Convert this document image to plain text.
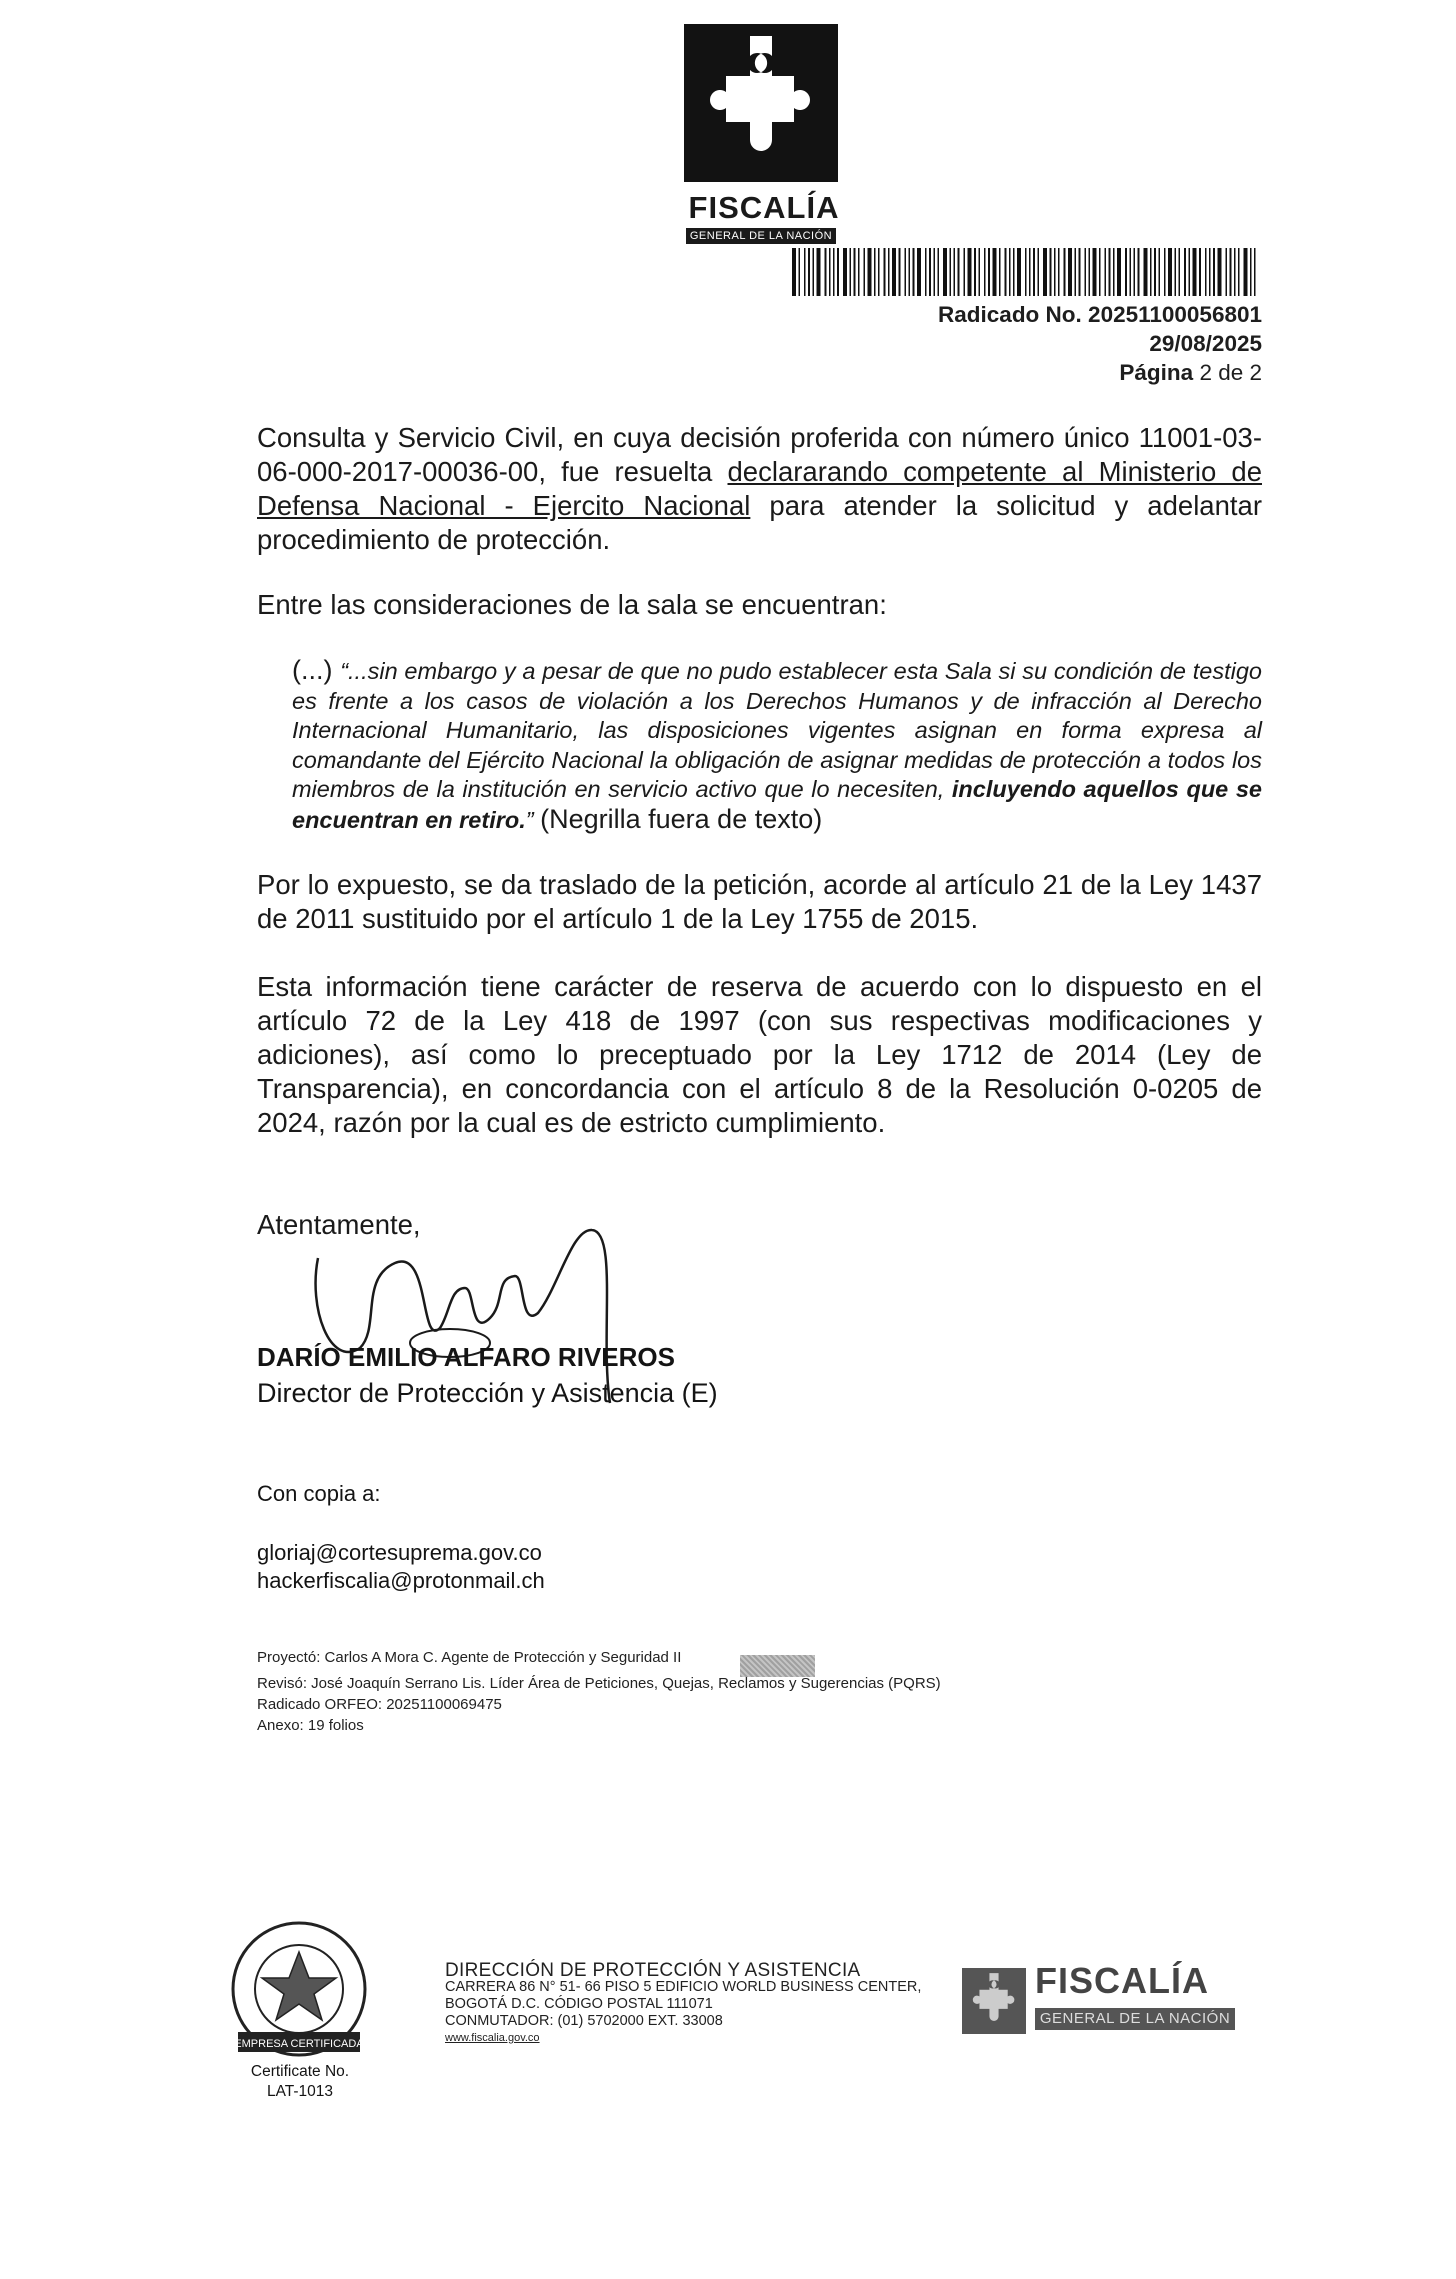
FISCALÍA
GENERAL DE LA NACIÓN
Radicado No. 20251100056801
29/08/2025
Página 2 de 2
Consulta y Servicio Civil, en cuya decisión proferida con número único 11001-03-06-000-2017-00036-00, fue resuelta declararando competente al Ministerio de Defensa Nacional - Ejercito Nacional para atender la solicitud y adelantar procedimiento de protección.
Entre las consideraciones de la sala se encuentran:
(...) “...sin embargo y a pesar de que no pudo establecer esta Sala si su condición de testigo es frente a los casos de violación a los Derechos Humanos y de infracción al Derecho Internacional Humanitario, las disposiciones vigentes asignan en forma expresa al comandante del Ejército Nacional la obligación de asignar medidas de protección a todos los miembros de la institución en servicio activo que lo necesiten, incluyendo aquellos que se encuentran en retiro.” (Negrilla fuera de texto)
Por lo expuesto, se da traslado de la petición, acorde al artículo 21 de la Ley 1437 de 2011 sustituido por el artículo 1 de la Ley 1755 de 2015.
Esta información tiene carácter de reserva de acuerdo con lo dispuesto en el artículo 72 de la Ley 418 de 1997 (con sus respectivas modificaciones y adiciones), así como lo preceptuado por la Ley 1712 de 2014 (Ley de Transparencia), en concordancia con el artículo 8 de la Resolución 0-0205 de 2024, razón por la cual es de estricto cumplimiento.
Atentamente,
DARÍO EMILIO ALFARO RIVEROS
Director de Protección y Asistencia (E)
Con copia a:
gloriaj@cortesuprema.gov.co
hackerfiscalia@protonmail.ch
Proyectó: Carlos A Mora C. Agente de Protección y Seguridad II
Revisó: José Joaquín Serrano Lis. Líder Área de Peticiones, Quejas, Reclamos y Sugerencias (PQRS)
Radicado ORFEO: 20251100069475
Anexo: 19 folios
EMPRESA CERTIFICADA
Certificate No.
LAT-1013
DIRECCIÓN DE PROTECCIÓN Y ASISTENCIA
CARRERA 86 N° 51- 66 PISO 5 EDIFICIO WORLD BUSINESS CENTER,
BOGOTÁ D.C. CÓDIGO POSTAL 111071
CONMUTADOR: (01) 5702000 EXT. 33008
www.fiscalia.gov.co
FISCALÍA
GENERAL DE LA NACIÓN
